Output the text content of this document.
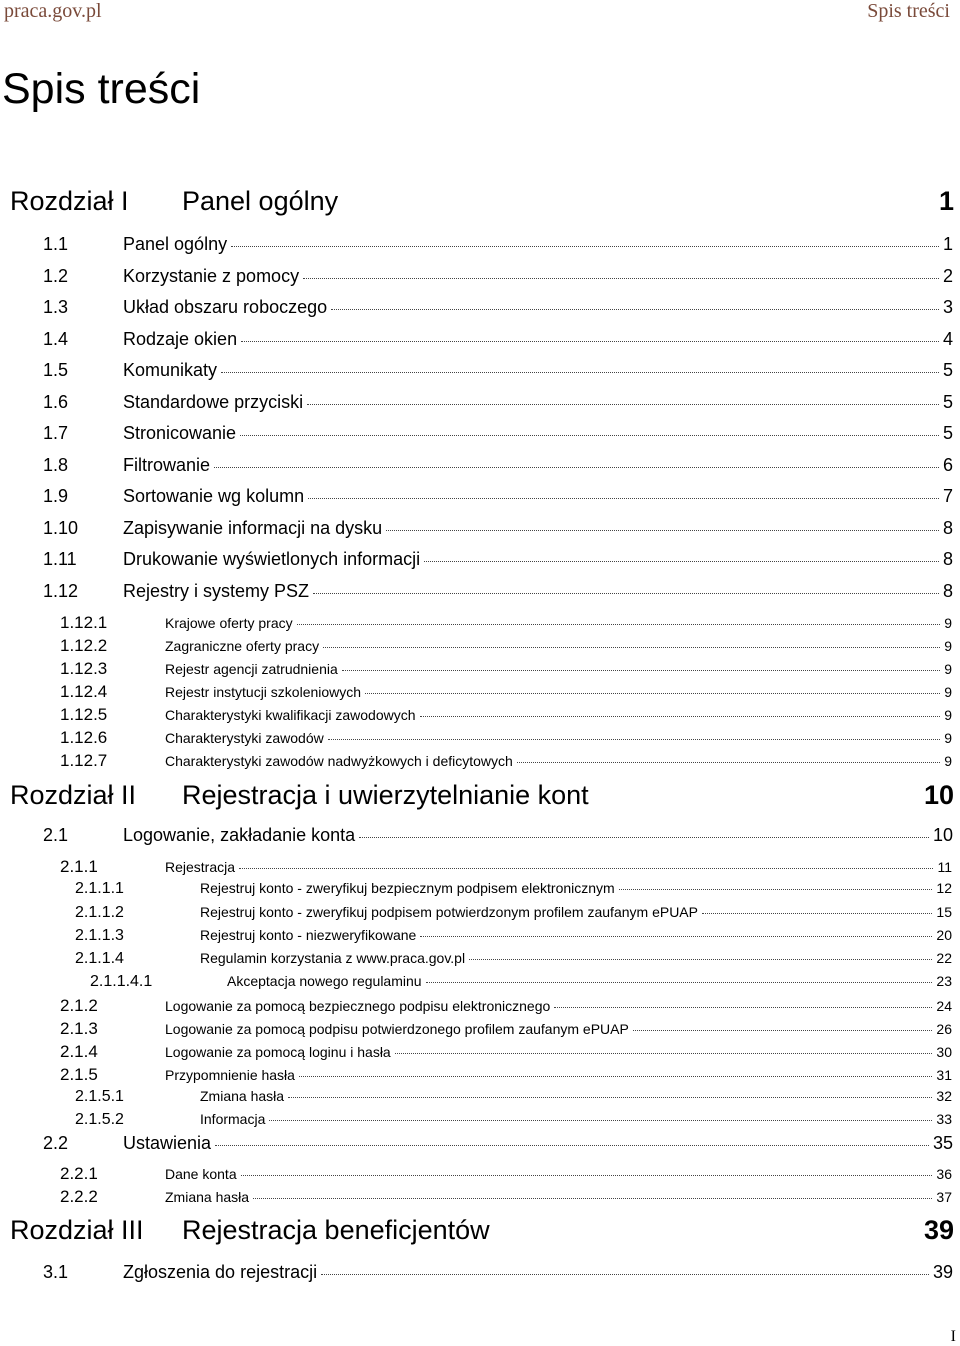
praca.gov.pl	Spis treści
Spis treści
Rozdział I	Panel ogólny	1
1.1	Panel ogólny	1
1.2	Korzystanie z pomocy	2
1.3	Układ obszaru roboczego	3
1.4	Rodzaje okien	4
1.5	Komunikaty	5
1.6	Standardowe przyciski	5
1.7	Stronicowanie	5
1.8	Filtrowanie	6
1.9	Sortowanie wg kolumn	7
1.10	Zapisywanie informacji na dysku	8
1.11	Drukowanie wyświetlonych informacji	8
1.12	Rejestry i systemy PSZ	8
1.12.1	Krajowe oferty pracy	9
1.12.2	Zagraniczne oferty pracy	9
1.12.3	Rejestr agencji zatrudnienia	9
1.12.4	Rejestr instytucji szkoleniowych	9
1.12.5	Charakterystyki kwalifikacji zawodowych	9
1.12.6	Charakterystyki zawodów	9
1.12.7	Charakterystyki zawodów nadwyżkowych i deficytowych	9
Rozdział II	Rejestracja i uwierzytelnianie kont	10
2.1	Logowanie, zakładanie konta	10
2.1.1	Rejestracja	11
2.1.1.1	Rejestruj konto - zweryfikuj bezpiecznym podpisem elektronicznym	12
2.1.1.2	Rejestruj konto - zweryfikuj podpisem potwierdzonym profilem zaufanym ePUAP	15
2.1.1.3	Rejestruj konto - niezweryfikowane	20
2.1.1.4	Regulamin korzystania z www.praca.gov.pl	22
2.1.1.4.1	Akceptacja nowego regulaminu	23
2.1.2	Logowanie za pomocą bezpiecznego podpisu elektronicznego	24
2.1.3	Logowanie za pomocą podpisu potwierdzonego profilem zaufanym ePUAP	26
2.1.4	Logowanie za pomocą loginu i hasła	30
2.1.5	Przypomnienie hasła	31
2.1.5.1	Zmiana hasła	32
2.1.5.2	Informacja	33
2.2	Ustawienia	35
2.2.1	Dane konta	36
2.2.2	Zmiana hasła	37
Rozdział III	Rejestracja beneficjentów	39
3.1	Zgłoszenia do rejestracji	39
I
